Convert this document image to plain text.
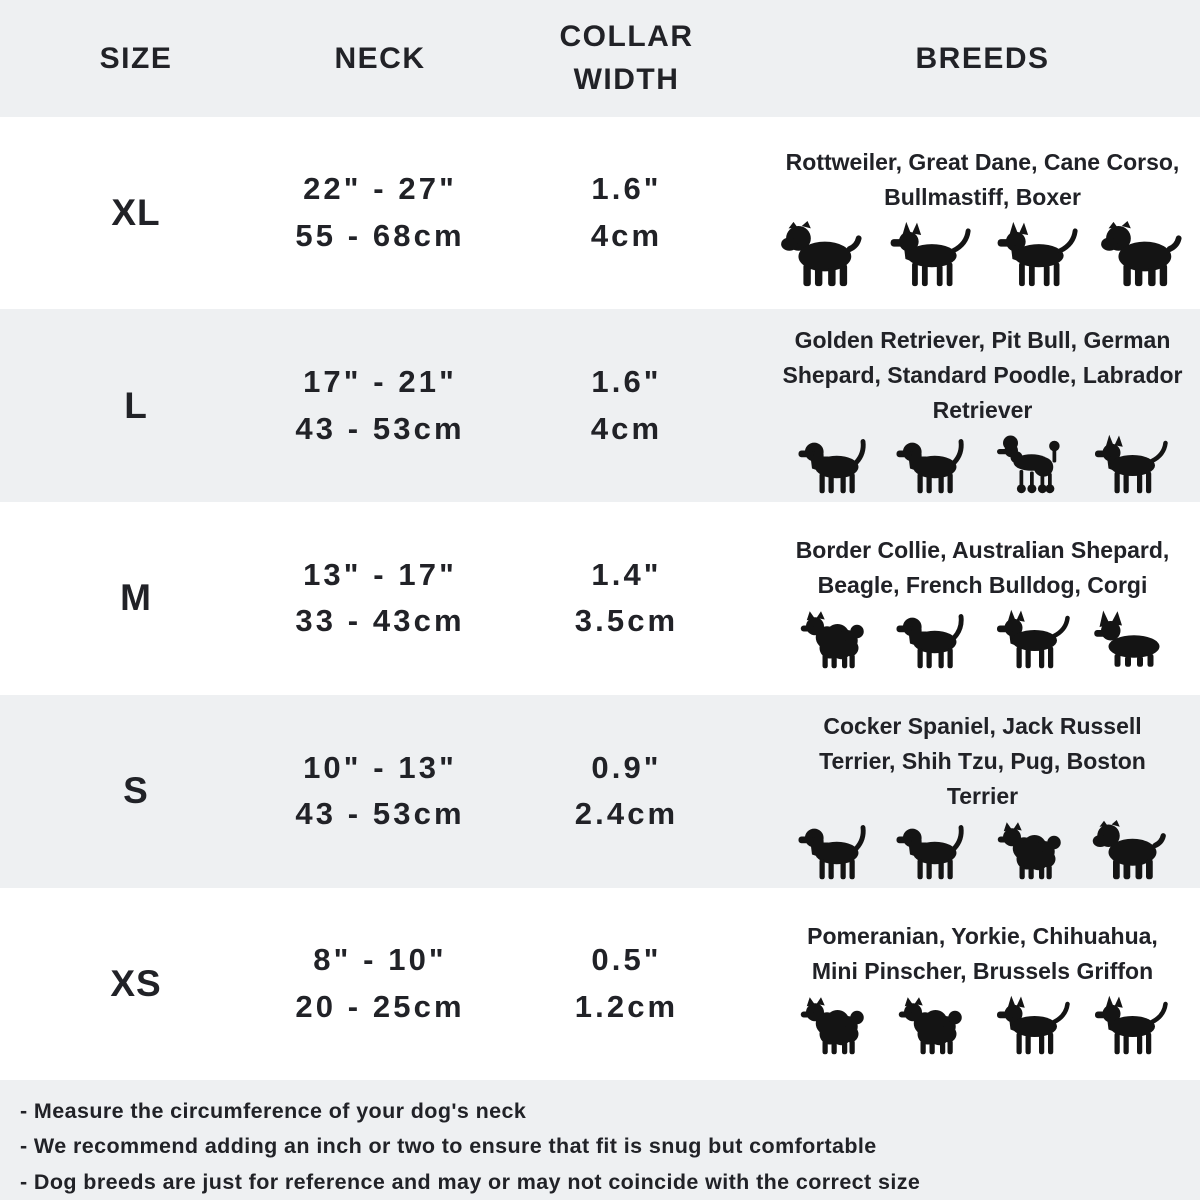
SIZE	NECK
COLLAR WIDTH
BREEDS
XL
22" - 27"
55 - 68cm
1.6"
4cm

Rottweiler, Great Dane, Cane Corso, Bullmastiff, Boxer

L
17" - 21"
43 - 53cm
1.6"
4cm

Golden Retriever, Pit Bull, German Shepard, Standard Poodle, Labrador Retriever

M
13" - 17"
33 - 43cm
1.4"
3.5cm

Border Collie, Australian Shepard, Beagle, French Bulldog, Corgi

S
10" - 13"
43 - 53cm
0.9"
2.4cm

Cocker Spaniel, Jack Russell Terrier, Shih Tzu, Pug, Boston Terrier

XS
8" - 10"
20 - 25cm
0.5"
1.2cm

Pomeranian, Yorkie, Chihuahua, Mini Pinscher, Brussels Griffon

- Measure the circumference of your dog's neck

- We recommend adding an inch or two to ensure that fit is snug but comfortable

- Dog breeds are just for reference and may or may not coincide with the correct size
